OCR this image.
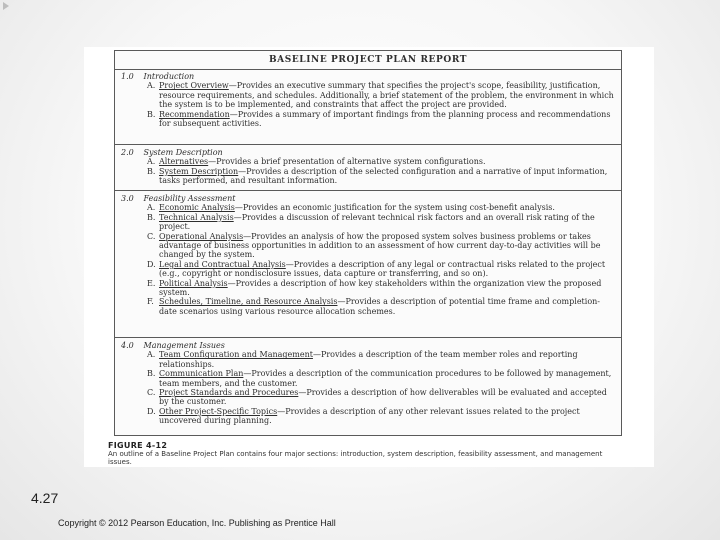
BASELINE PROJECT PLAN REPORT
1.0 Introduction
A. Project Overview—Provides an executive summary that specifies the project's scope, feasibility, justification, resource requirements, and schedules. Additionally, a brief statement of the problem, the environment in which the system is to be implemented, and constraints that affect the project are provided.
B. Recommendation—Provides a summary of important findings from the planning process and recommendations for subsequent activities.
2.0 System Description
A. Alternatives—Provides a brief presentation of alternative system configurations.
B. System Description—Provides a description of the selected configuration and a narrative of input information, tasks performed, and resultant information.
3.0 Feasibility Assessment
A. Economic Analysis—Provides an economic justification for the system using cost-benefit analysis.
B. Technical Analysis—Provides a discussion of relevant technical risk factors and an overall risk rating of the project.
C. Operational Analysis—Provides an analysis of how the proposed system solves business problems or takes advantage of business opportunities in addition to an assessment of how current day-to-day activities will be changed by the system.
D. Legal and Contractual Analysis—Provides a description of any legal or contractual risks related to the project (e.g., copyright or nondisclosure issues, data capture or transferring, and so on).
E. Political Analysis—Provides a description of how key stakeholders within the organization view the proposed system.
F. Schedules, Timeline, and Resource Analysis—Provides a description of potential time frame and completion-date scenarios using various resource allocation schemes.
4.0 Management Issues
A. Team Configuration and Management—Provides a description of the team member roles and reporting relationships.
B. Communication Plan—Provides a description of the communication procedures to be followed by management, team members, and the customer.
C. Project Standards and Procedures—Provides a description of how deliverables will be evaluated and accepted by the customer.
D. Other Project-Specific Topics—Provides a description of any other relevant issues related to the project uncovered during planning.
FIGURE 4-12
An outline of a Baseline Project Plan contains four major sections: introduction, system description, feasibility assessment, and management issues.
4.27
Copyright © 2012 Pearson Education, Inc. Publishing as Prentice Hall
